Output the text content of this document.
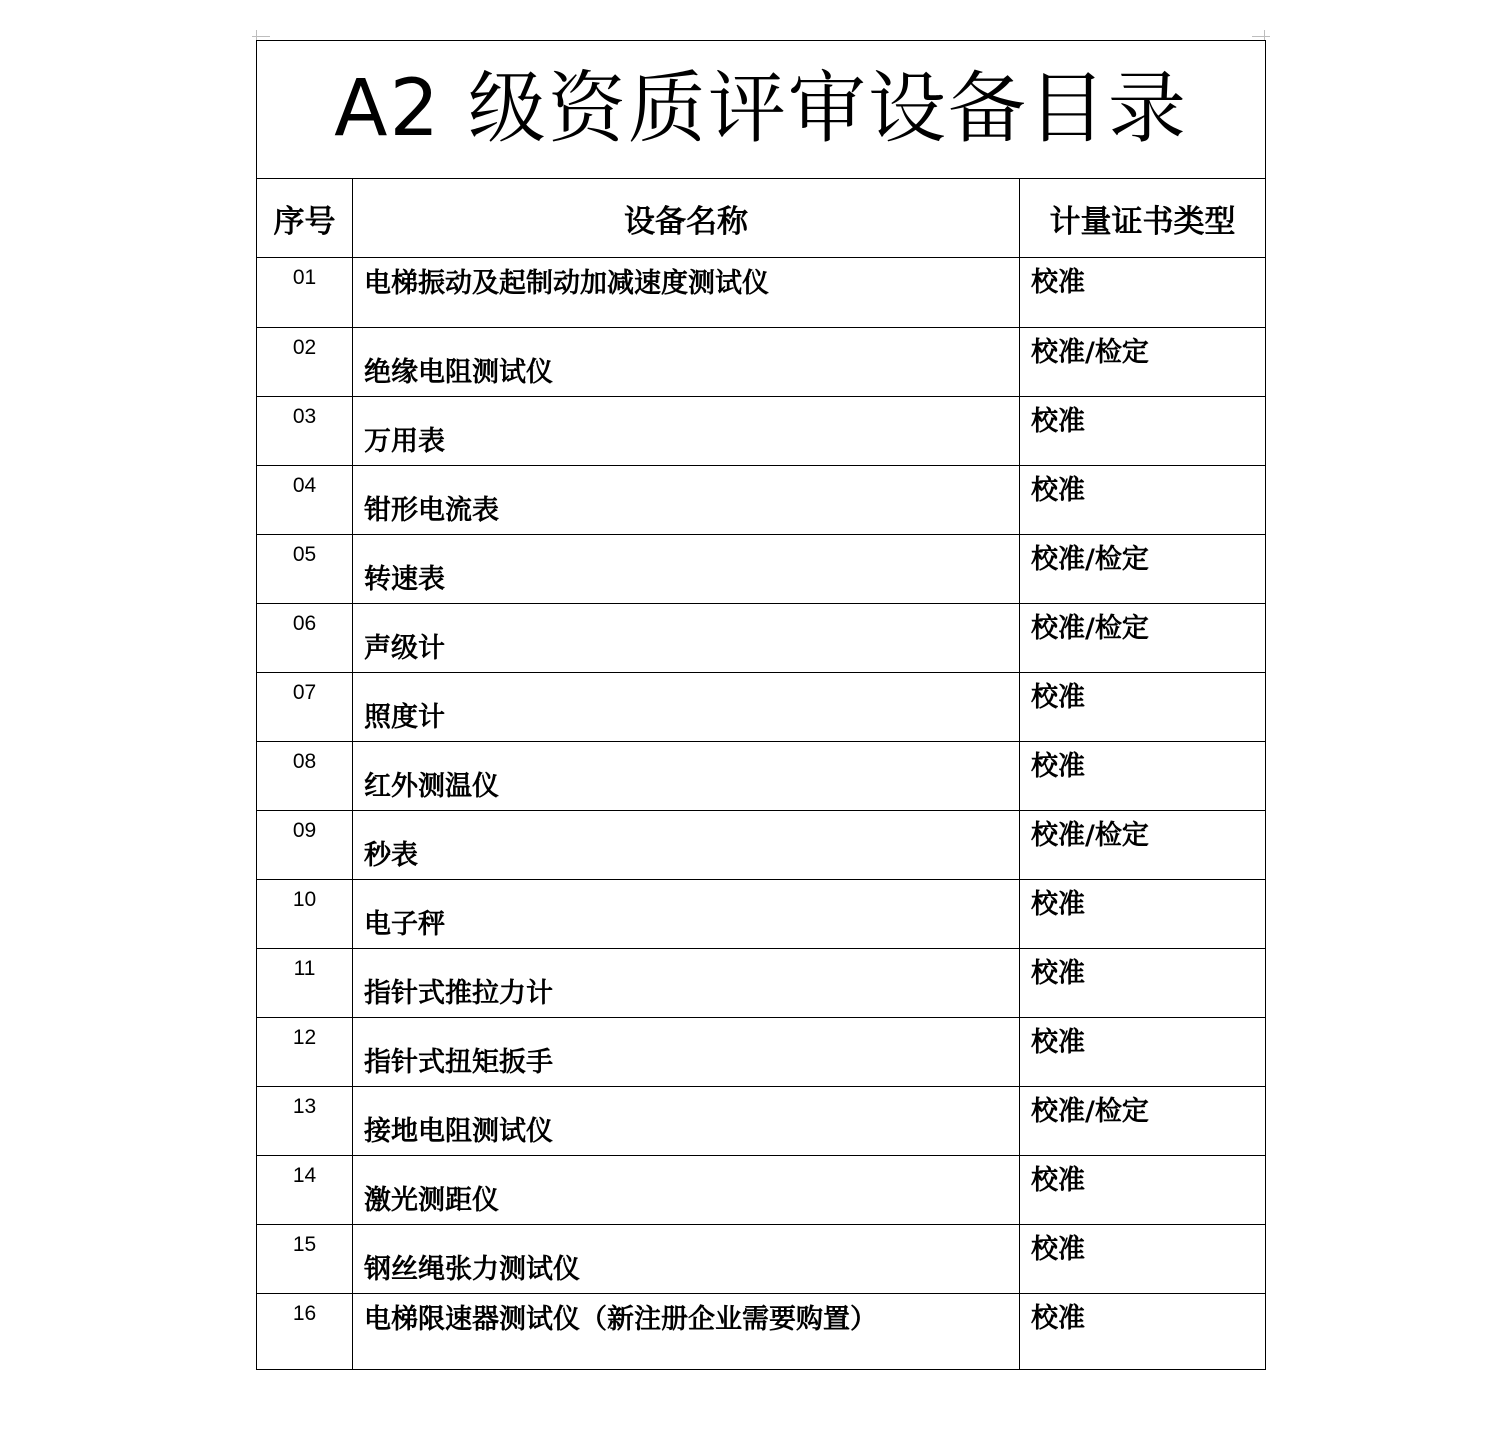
A2 级资质评审设备目录		
序号	设备名称	计量证书类型
01	电梯振动及起制动加减速度测试仪	校准
02	绝缘电阻测试仪	校准/检定
03	万用表	校准
04	钳形电流表	校准
05	转速表	校准/检定
06	声级计	校准/检定
07	照度计	校准
08	红外测温仪	校准
09	秒表	校准/检定
10	电子秤	校准
11	指针式推拉力计	校准
12	指针式扭矩扳手	校准
13	接地电阻测试仪	校准/检定
14	激光测距仪	校准
15	钢丝绳张力测试仪	校准
16	电梯限速器测试仪（新注册企业需要购置）	校准
